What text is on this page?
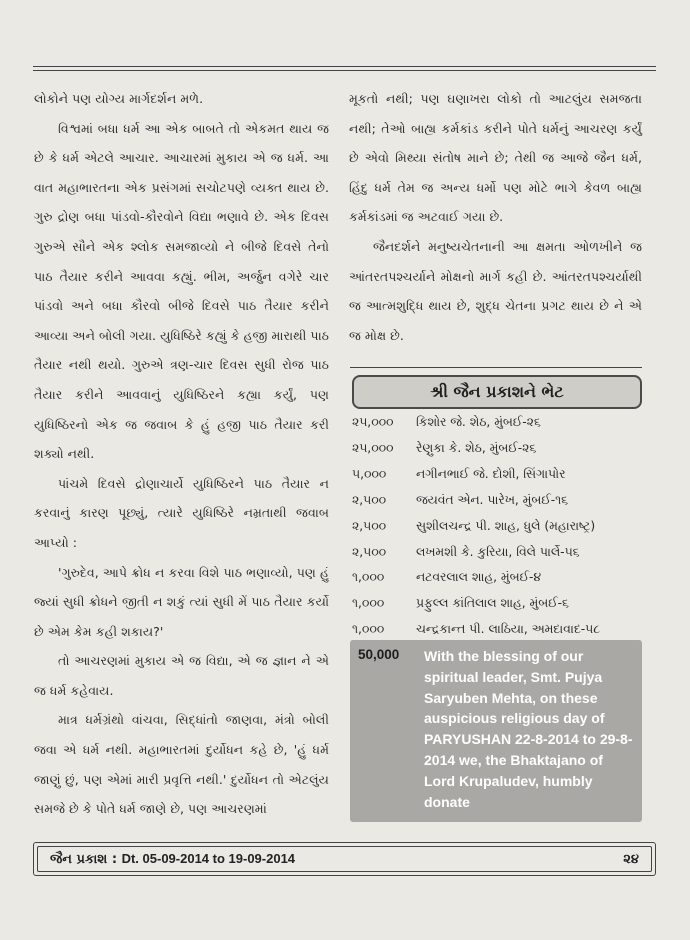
લોકોને પણ યોગ્ય માર્ગદર્શન મળે.

વિશ્વમાં બધા ધર્મ આ એક બાબતે તો એકમત થાય જ છે કે ધર્મ એટલે આચાર. આચારમાં મુકાય એ જ ધર્મ. આ વાત મહાભારતના એક પ્રસંગમાં સચોટપણે વ્યક્ત થાય છે. ગુરુ દ્રોણ બધા પાંડવો-કૌરવોને વિદ્યા ભણાવે છે. એક દિવસ ગુરુએ સૌને એક શ્લોક સમજાવ્યો ને બીજે દિવસે તેનો પાઠ તૈયાર કરીને આવવા કહ્યું. ભીમ, અર્જુન વગેરે ચાર પાંડવો અને બધા કૌરવો બીજે દિવસે પાઠ તૈયાર કરીને આવ્યા અને બોલી ગયા. યુધિષ્ઠિરે કહ્યું કે હજી મારાથી પાઠ તૈયાર નથી થયો. ગુરુએ ત્રણ-ચાર દિવસ સુધી રોજ પાઠ તૈયાર કરીને આવવાનું યુધિષ્ઠિરને કહ્યા કર્યું, પણ યુધિષ્ઠિરનો એક જ જવાબ કે હું હજી પાઠ તૈયાર કરી શક્યો નથી.

પાંચમે દિવસે દ્રોણાચાર્યે યુધિષ્ઠિરને પાઠ તૈયાર ન કરવાનું કારણ પૂછ્યું, ત્યારે યુધિષ્ઠિરે નમ્રતાથી જવાબ આપ્યો :

'ગુરુદેવ, આપે ક્રોધ ન કરવા વિશે પાઠ ભણાવ્યો, પણ હું જ્યાં સુધી ક્રોધને જીતી ન શકું ત્યાં સુધી મેં પાઠ તૈયાર કર્યો છે એમ કેમ કહી શકાય?'

તો આચરણમાં મુકાય એ જ વિદ્યા, એ જ જ્ઞાન ને એ જ ધર્મ કહેવાય.

માત્ર ધર્મગ્રંથો વાંચવા, સિદ્ધાંતો જાણવા, મંત્રો બોલી જવા એ ધર્મ નથી. મહાભારતમાં દુર્યોધન કહે છે, 'હું ધર્મ જાણું છું, પણ એમાં મારી પ્રવૃત્તિ નથી.' દુર્યોધન તો એટલુંય સમજે છે કે પોતે ધર્મ જાણે છે, પણ આચરણમાં

મૂકતો નથી; પણ ઘણાખરા લોકો તો આટલુંય સમજતા નથી; તેઓ બાહ્ય કર્મકાંડ કરીને પોતે ધર્મનું આચરણ કર્યું છે એવો મિથ્યા સંતોષ માને છે; તેથી જ આજે જૈન ધર્મ, હિંદુ ધર્મ તેમ જ અન્ય ધર્મો પણ મોટે ભાગે કેવળ બાહ્ય કર્મકાંડમાં જ અટવાઈ ગયા છે.

જૈનદર્શને મનુષ્યચેતનાની આ ક્ષમતા ઓળખીને જ આંતરતપશ્ચર્યાને મોક્ષનો માર્ગ કહી છે. આંતરતપશ્ચર્યાથી જ આત્મશુદ્ધિ થાય છે, શુદ્ધ ચેતના પ્રગટ થાય છે ને એ જ મોક્ષ છે.

શ્રી જૈન પ્રકાશને ભેટ
૨૫,૦૦૦	કિશોર જે. શેઠ, મુંબઈ-૨૬
૨૫,૦૦૦	રેણુકા કે. શેઠ, મુંબઈ-૨૬
૫,૦૦૦	નગીનભાઈ જે. દોશી, સિંગાપોર
૨,૫૦૦	જયવંત એન. પારેખ, મુંબઈ-૧૬
૨,૫૦૦	સુશીલચન્દ્ર પી. શાહ, ધુલે (મહારાષ્ટ્ર)
૨,૫૦૦	લખમશી કે. કુરિયા, વિલે પાર્લે-૫૬
૧,૦૦૦	નટવરલાલ શાહ, મુંબઈ-૪
૧,૦૦૦	પ્રફુલ્લ કાંતિલાલ શાહ, મુંબઈ-૬
૧,૦૦૦	ચન્દ્રકાન્ત પી. લાઠિયા, અમદાવાદ-૫૮
50,000 With the blessing of our spiritual leader, Smt. Pujya Saryuben Mehta, on these auspicious religious day of PARYUSHAN 22-8-2014 to 29-8-2014 we, the Bhaktajano of Lord Krupaludev, humbly donate
જૈન પ્રકાશ : Dt. 05-09-2014 to 19-09-2014	૨૪
